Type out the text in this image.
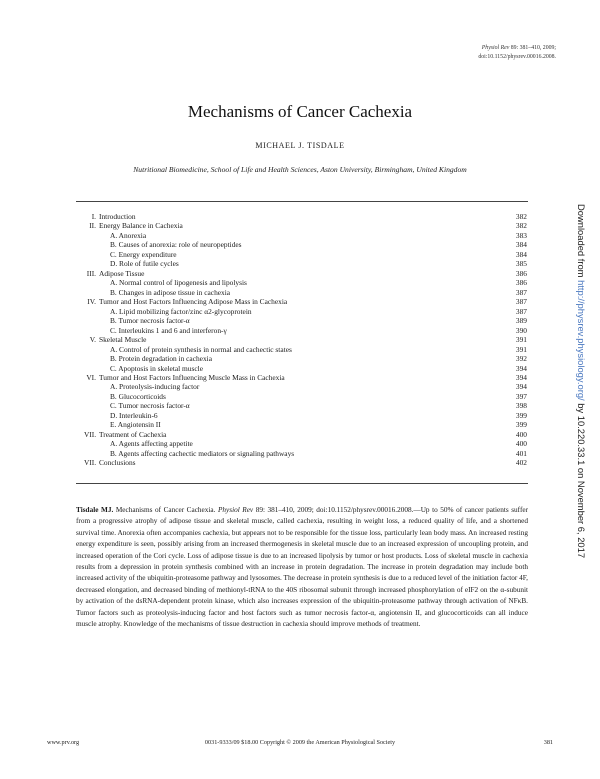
Physiol Rev 89: 381–410, 2009;
doi:10.1152/physrev.00016.2008.
Mechanisms of Cancer Cachexia
MICHAEL J. TISDALE
Nutritional Biomedicine, School of Life and Health Sciences, Aston University, Birmingham, United Kingdom
I. Introduction	382
II. Energy Balance in Cachexia	382
A. Anorexia	383
B. Causes of anorexia: role of neuropeptides	384
C. Energy expenditure	384
D. Role of futile cycles	385
III. Adipose Tissue	386
A. Normal control of lipogenesis and lipolysis	386
B. Changes in adipose tissue in cachexia	387
IV. Tumor and Host Factors Influencing Adipose Mass in Cachexia	387
A. Lipid mobilizing factor/zinc α2-glycoprotein	387
B. Tumor necrosis factor-α	389
C. Interleukins 1 and 6 and interferon-γ	390
V. Skeletal Muscle	391
A. Control of protein synthesis in normal and cachectic states	391
B. Protein degradation in cachexia	392
C. Apoptosis in skeletal muscle	394
VI. Tumor and Host Factors Influencing Muscle Mass in Cachexia	394
A. Proteolysis-inducing factor	394
B. Glucocorticoids	397
C. Tumor necrosis factor-α	398
D. Interleukin-6	399
E. Angiotensin II	399
VII. Treatment of Cachexia	400
A. Agents affecting appetite	400
B. Agents affecting cachectic mediators or signaling pathways	401
VII. Conclusions	402
Tisdale MJ. Mechanisms of Cancer Cachexia. Physiol Rev 89: 381–410, 2009; doi:10.1152/physrev.00016.2008.—Up to 50% of cancer patients suffer from a progressive atrophy of adipose tissue and skeletal muscle, called cachexia, resulting in weight loss, a reduced quality of life, and a shortened survival time. Anorexia often accompanies cachexia, but appears not to be responsible for the tissue loss, particularly lean body mass. An increased resting energy expenditure is seen, possibly arising from an increased thermogenesis in skeletal muscle due to an increased expression of uncoupling protein, and increased operation of the Cori cycle. Loss of adipose tissue is due to an increased lipolysis by tumor or host products. Loss of skeletal muscle in cachexia results from a depression in protein synthesis combined with an increase in protein degradation. The increase in protein degradation may include both increased activity of the ubiquitin-proteasome pathway and lysosomes. The decrease in protein synthesis is due to a reduced level of the initiation factor 4F, decreased elongation, and decreased binding of methionyl-tRNA to the 40S ribosomal subunit through increased phosphorylation of eIF2 on the α-subunit by activation of the dsRNA-dependent protein kinase, which also increases expression of the ubiquitin-proteasome pathway through activation of NFκB. Tumor factors such as proteolysis-inducing factor and host factors such as tumor necrosis factor-α, angiotensin II, and glucocorticoids can all induce muscle atrophy. Knowledge of the mechanisms of tissue destruction in cachexia should improve methods of treatment.
Downloaded from http://physrev.physiology.org/ by 10.220.33.1 on November 6, 2017
www.prv.org	0031-9333/09 $18.00 Copyright © 2009 the American Physiological Society	381
